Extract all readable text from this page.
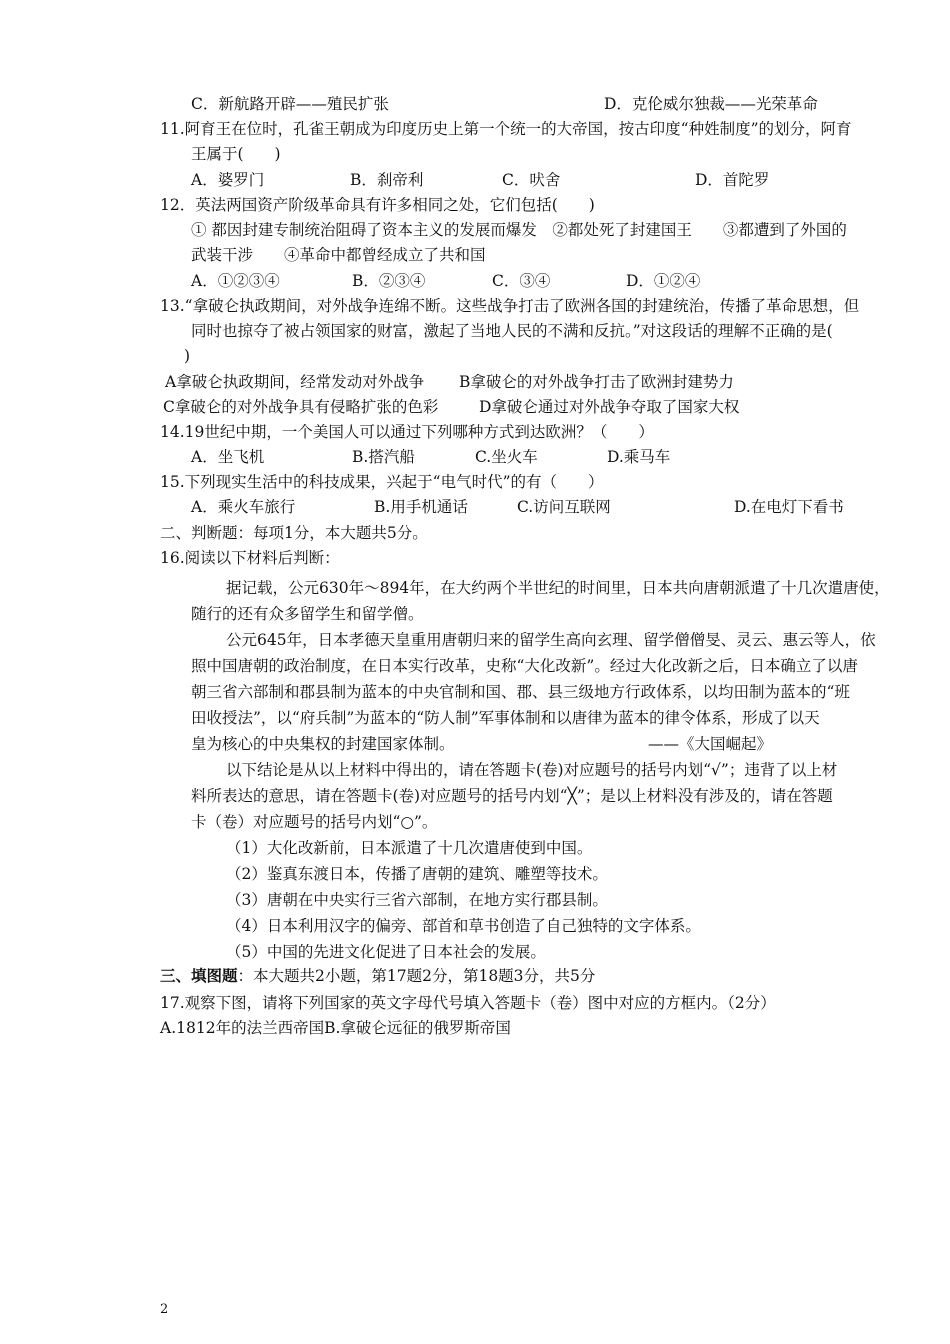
C．新航路开辟——殖民扩张	D．克伦威尔独裁——光荣革命
11.阿育王在位时，孔雀王朝成为印度历史上第一个统一的大帝国，按古印度“种姓制度”的划分，阿育
王属于(　　)
A．婆罗门	B．刹帝利	C．吠舍	D．首陀罗
12．英法两国资产阶级革命具有许多相同之处，它们包括(　　)
① 都因封建专制统治阻碍了资本主义的发展而爆发　②都处死了封建国王　　③都遭到了外国的
武装干涉　　④革命中都曾经成立了共和国
A．①②③④	B．②③④	C．③④	D．①②④
13.“拿破仑执政期间，对外战争连绵不断。这些战争打击了欧洲各国的封建统治，传播了革命思想，但
同时也掠夺了被占领国家的财富，激起了当地人民的不满和反抗。”对这段话的理解不正确的是(
)
A拿破仑执政期间，经常发动对外战争 B拿破仑的对外战争打击了欧洲封建势力
C拿破仑的对外战争具有侵略扩张的色彩	D拿破仑通过对外战争夺取了国家大权
14.19世纪中期，一个美国人可以通过下列哪种方式到达欧洲？（　　）
A．坐飞机	B.搭汽船	C.坐火车	D.乘马车
15.下列现实生活中的科技成果，兴起于“电气时代”的有（　　）
A．乘火车旅行	B.用手机通话	C.访问互联网	D.在电灯下看书
二、判断题：每项1分，本大题共5分。
16.阅读以下材料后判断：
据记载，公元630年～894年，在大约两个半世纪的时间里，日本共向唐朝派遣了十几次遣唐使，
随行的还有众多留学生和留学僧。
公元645年，日本孝德天皇重用唐朝归来的留学生高向玄理、留学僧僧旻、灵云、惠云等人，依
照中国唐朝的政治制度，在日本实行改革，史称“大化改新”。经过大化改新之后，日本确立了以唐
朝三省六部制和郡县制为蓝本的中央官制和国、郡、县三级地方行政体系，以均田制为蓝本的“班
田收授法”，以“府兵制”为蓝本的“防人制”军事体制和以唐律为蓝本的律令体系，形成了以天
皇为核心的中央集权的封建国家体制。	——《大国崛起》
以下结论是从以上材料中得出的，请在答题卡(卷)对应题号的括号内划“√”；违背了以上材
料所表达的意思，请在答题卡(卷)对应题号的括号内划“╳”；是以上材料没有涉及的，请在答题
卡（卷）对应题号的括号内划“○”。
（1）大化改新前，日本派遣了十几次遣唐使到中国。
（2）鉴真东渡日本，传播了唐朝的建筑、雕塑等技术。
（3）唐朝在中央实行三省六部制，在地方实行郡县制。
（4）日本利用汉字的偏旁、部首和草书创造了自己独特的文字体系。
（5）中国的先进文化促进了日本社会的发展。
三、填图题：本大题共2小题，第17题2分，第18题3分，共5分
17.观察下图，请将下列国家的英文字母代号填入答题卡（卷）图中对应的方框内。（2分）
A.1812年的法兰西帝国B.拿破仑远征的俄罗斯帝国
2
